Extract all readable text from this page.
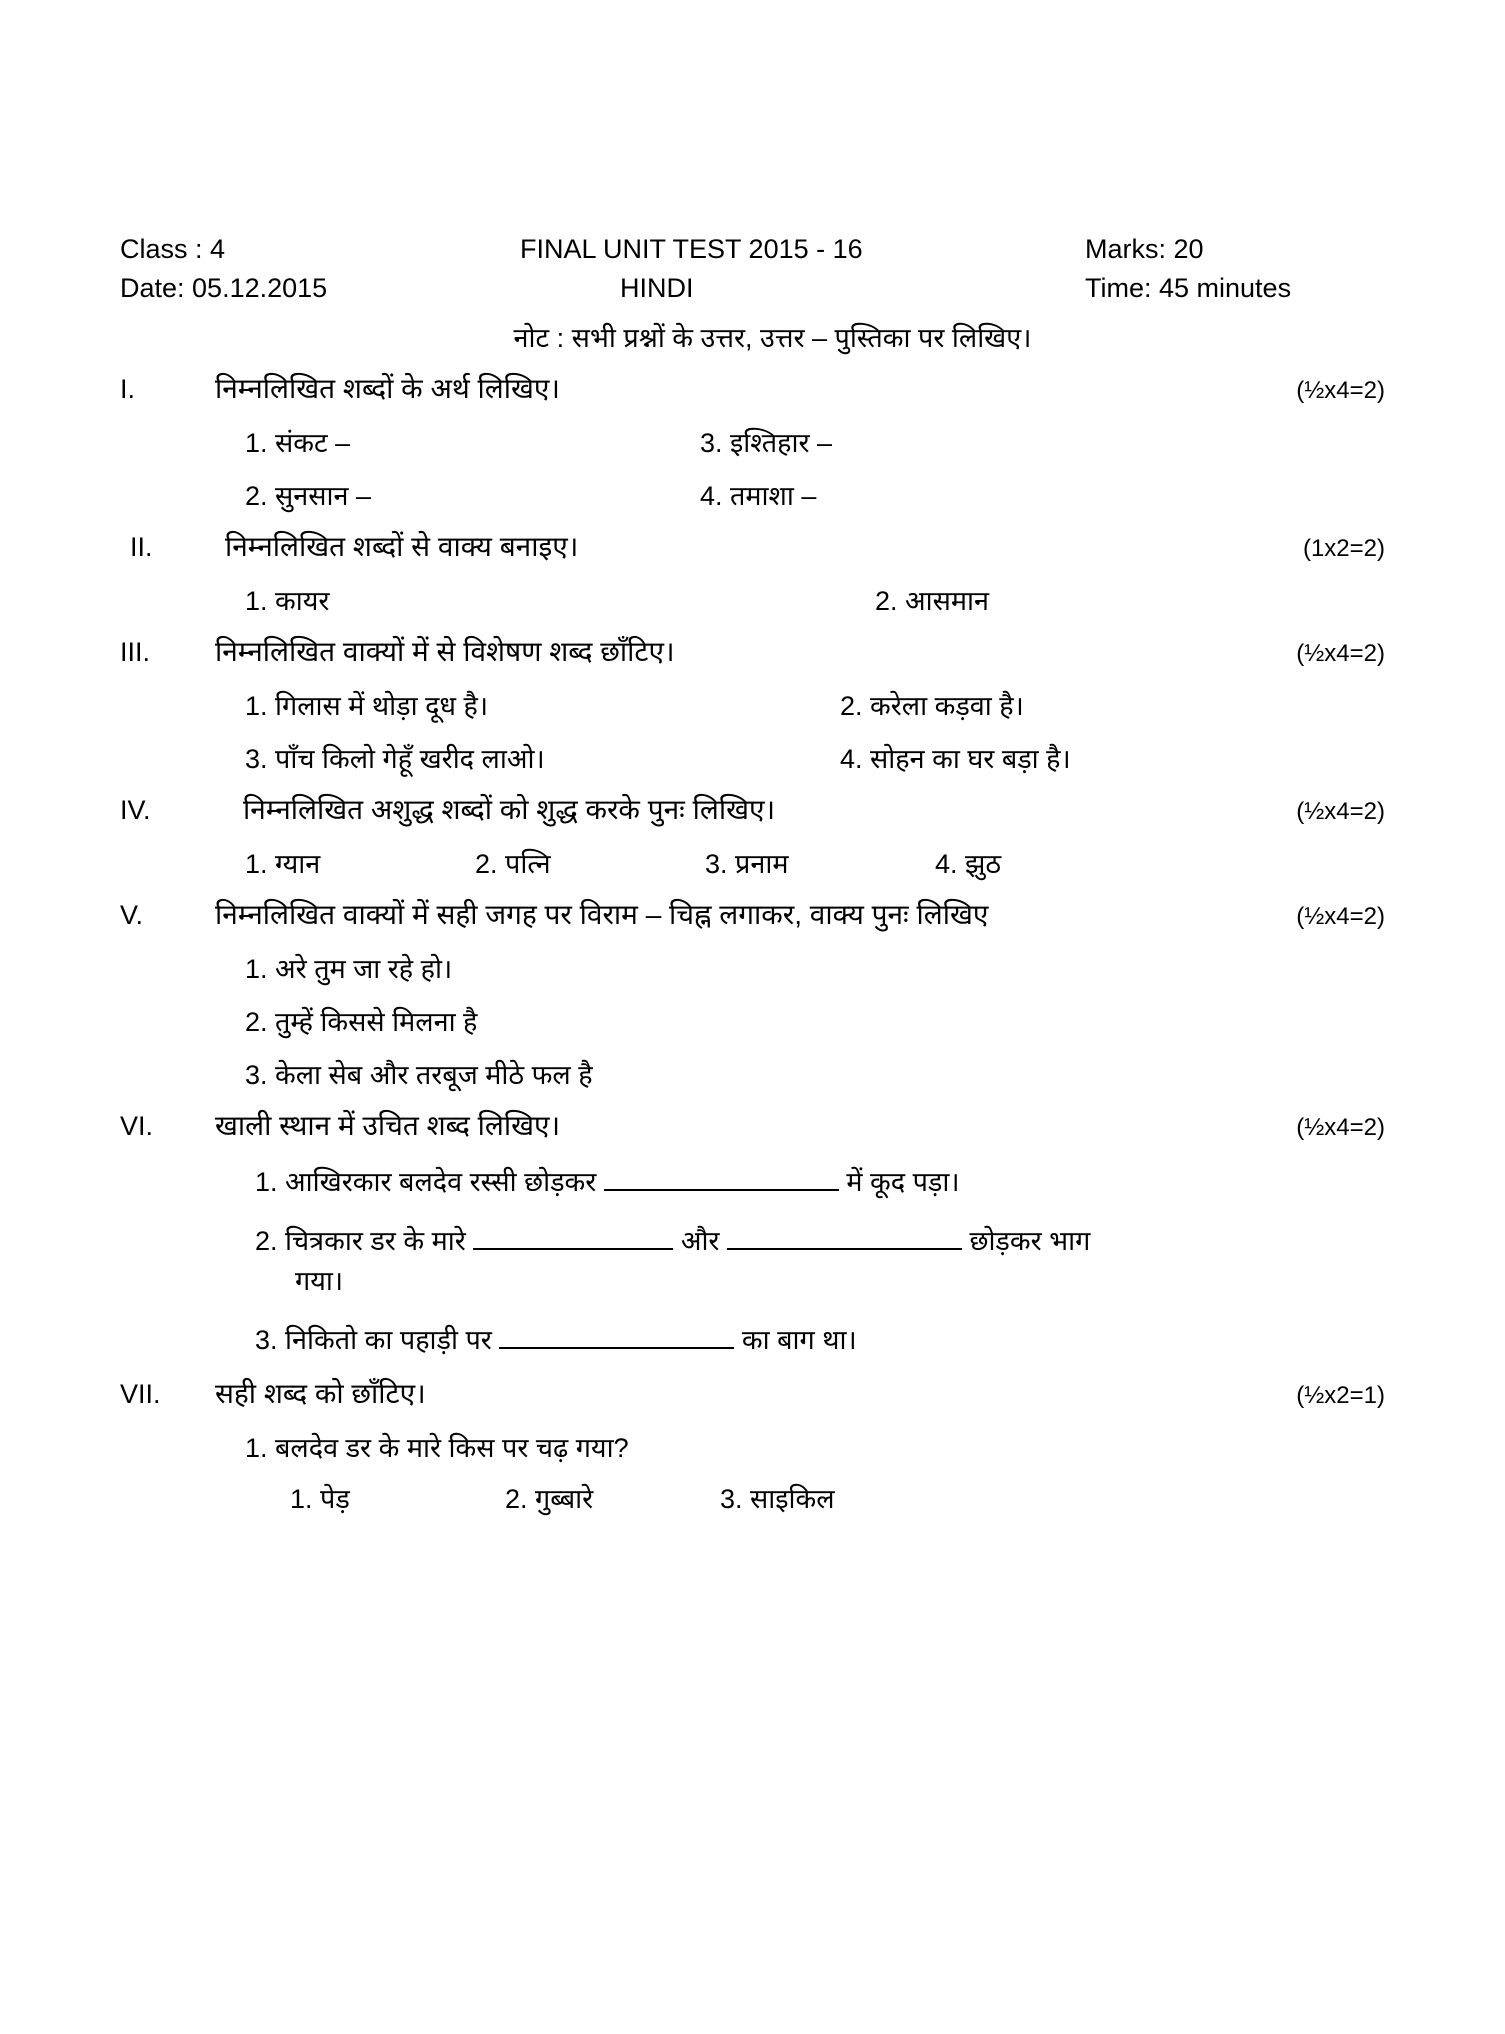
Class : 4	FINAL UNIT TEST 2015 - 16	Marks: 20
Date: 05.12.2015	HINDI	Time: 45 minutes
नोट : सभी प्रश्नों के उत्तर, उत्तर – पुस्तिका पर लिखिए।
I.	निम्नलिखित शब्दों के अर्थ लिखिए।	(½x4=2)
1. संकट –	3. इश्तिहार –
2. सुनसान –	4. तमाशा –
II.	निम्नलिखित शब्दों से वाक्य बनाइए।	(1x2=2)
1. कायर	2. आसमान
III.	निम्नलिखित वाक्यों में से विशेषण शब्द छाँटिए।	(½x4=2)
1. गिलास में थोड़ा दूध है।	2. करेला कड़वा है।
3. पाँच किलो गेहूँ खरीद लाओ।	4. सोहन का घर बड़ा है।
IV.	निम्नलिखित अशुद्ध शब्दों को शुद्ध करके पुनः लिखिए।	(½x4=2)
1. ग्यान	2. पत्नि	3. प्रनाम	4. झुठ
V.	निम्नलिखित वाक्यों में सही जगह पर विराम – चिह्न लगाकर, वाक्य पुनः लिखिए	(½x4=2)
1. अरे तुम जा रहे हो।
2. तुम्हें किससे मिलना है
3. केला सेब और तरबूज मीठे फल है
VI.	खाली स्थान में उचित शब्द लिखिए।	(½x4=2)
1. आखिरकार बलदेव रस्सी छोड़कर	में कूद पड़ा।
2. चित्रकार डर के मारे	और	छोड़कर भाग
गया।
3. निकितो का पहाड़ी पर	का बाग था।
VII.	सही शब्द को छाँटिए।	(½x2=1)
1. बलदेव डर के मारे किस पर चढ़ गया?
1. पेड़	2. गुब्बारे	3. साइकिल
